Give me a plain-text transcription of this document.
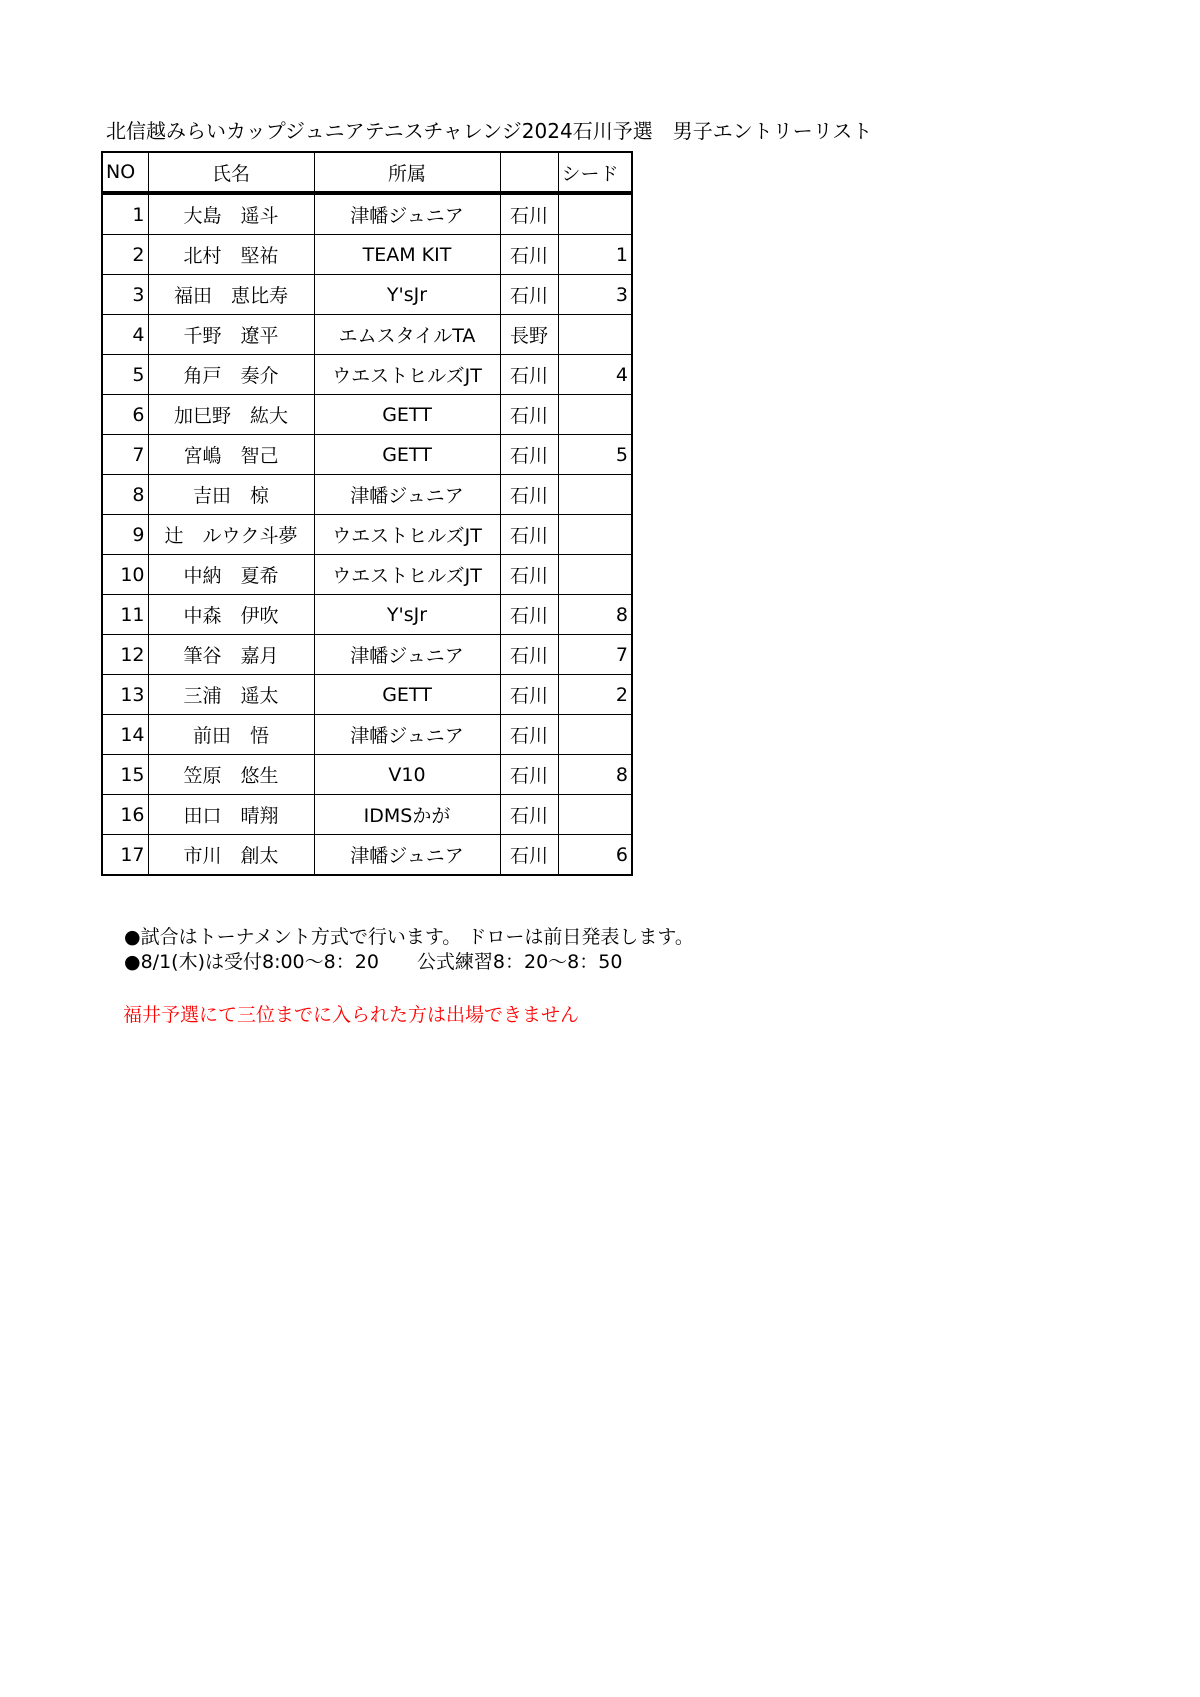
北信越みらいカップジュニアテニスチャレンジ2024石川予選　男子エントリーリスト
NO	氏名	所属		シード
1	大島　遥斗	津幡ジュニア	石川	
2	北村　堅祐	TEAM KIT	石川	1
3	福田　恵比寿	Y'sJr	石川	3
4	千野　遼平	エムスタイルTA	長野	
5	角戸　奏介	ウエストヒルズJT	石川	4
6	加巳野　紘大	GETT	石川	
7	宮嶋　智己	GETT	石川	5
8	吉田　椋	津幡ジュニア	石川	
9	辻　ルウク斗夢	ウエストヒルズJT	石川	
10	中納　夏希	ウエストヒルズJT	石川	
11	中森　伊吹	Y'sJr	石川	8
12	筆谷　嘉月	津幡ジュニア	石川	7
13	三浦　遥太	GETT	石川	2
14	前田　悟	津幡ジュニア	石川	
15	笠原　悠生	V10	石川	8
16	田口　晴翔	IDMSかが	石川	
17	市川　創太	津幡ジュニア	石川	6
●試合はトーナメント方式で行います。 ドローは前日発表します。
●8/1(木)は受付8:00～8：20　　公式練習8：20～8：50
福井予選にて三位までに入られた方は出場できません
